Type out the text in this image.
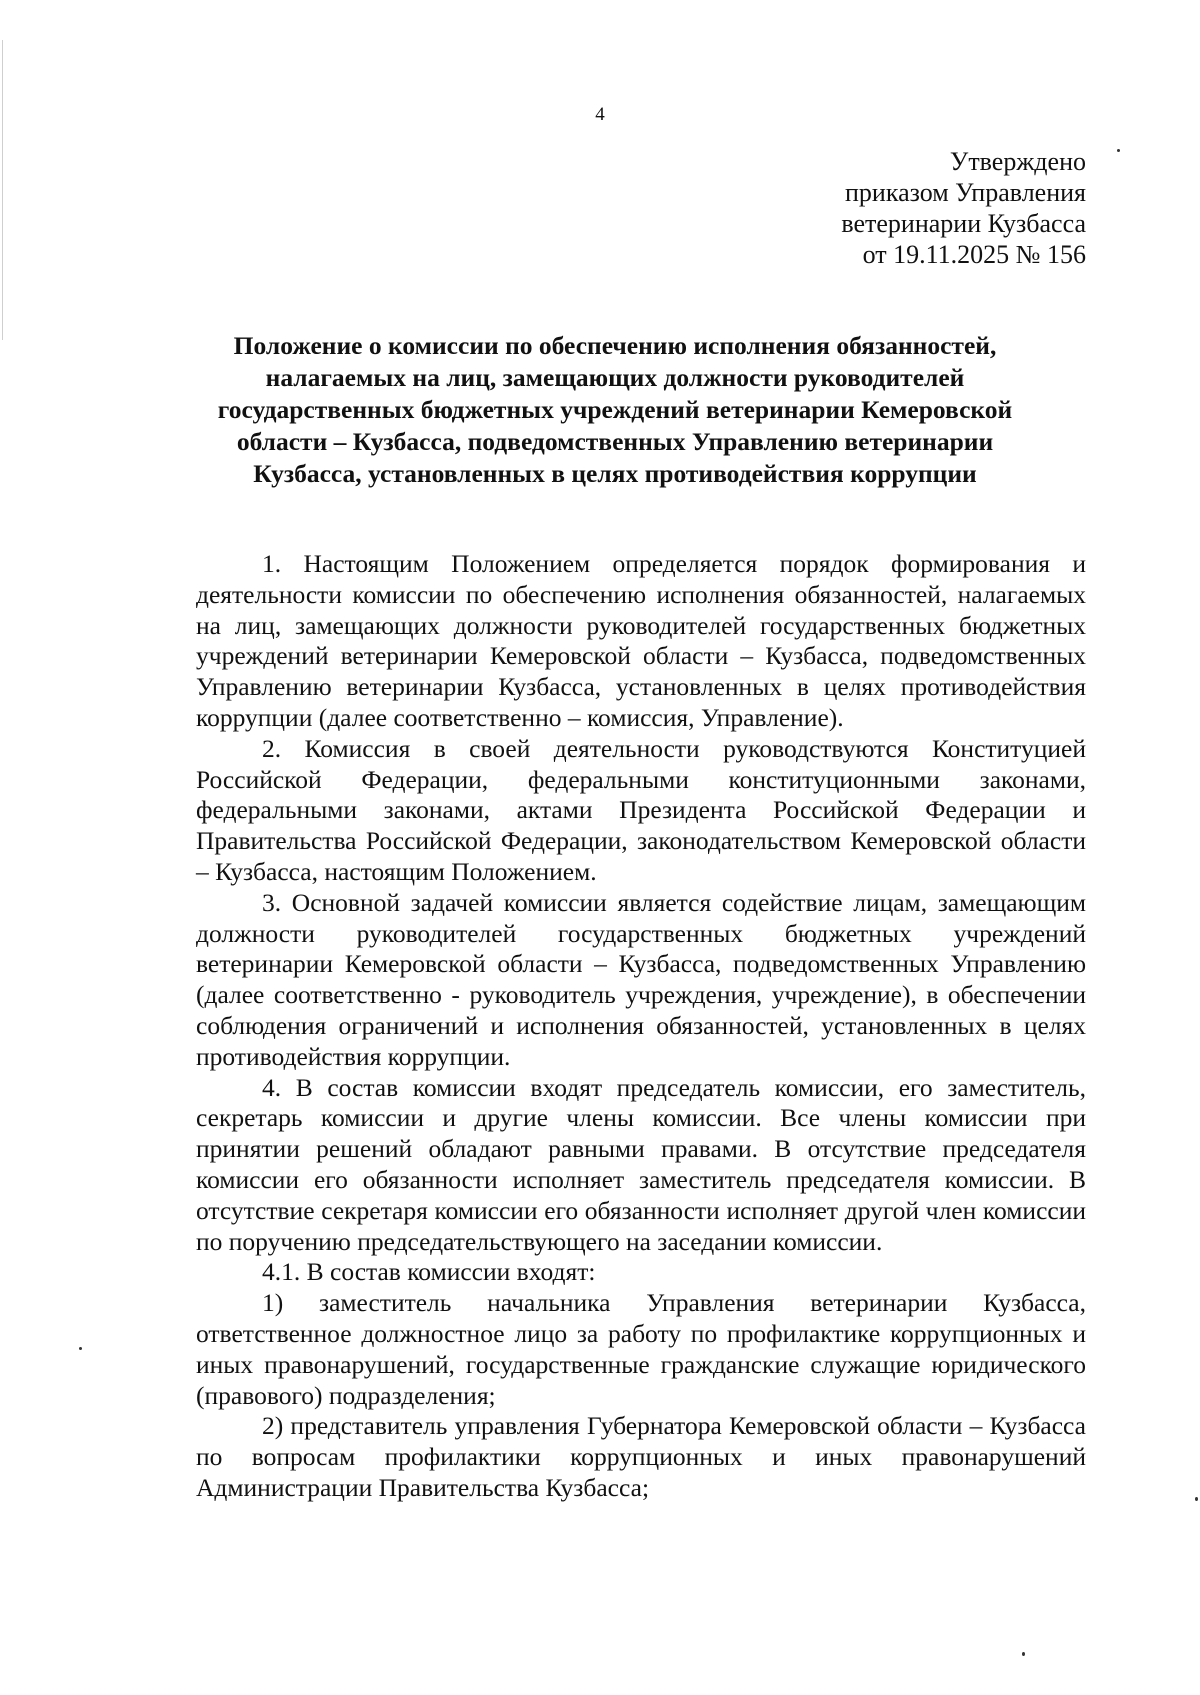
4
Утверждено
приказом Управления
ветеринарии Кузбасса
от 19.11.2025 № 156
Положение о комиссии по обеспечению исполнения обязанностей,
налагаемых на лиц, замещающих должности руководителей
государственных бюджетных учреждений ветеринарии Кемеровской
области – Кузбасса, подведомственных Управлению ветеринарии
Кузбасса, установленных в целях противодействия коррупции

1. Настоящим Положением определяется порядок формирования и деятельности комиссии по обеспечению исполнения обязанностей, налагаемых на лиц, замещающих должности руководителей государственных бюджетных учреждений ветеринарии Кемеровской области – Кузбасса, подведомственных Управлению ветеринарии Кузбасса, установленных в целях противодействия коррупции (далее соответственно – комиссия, Управление).

2. Комиссия в своей деятельности руководствуются Конституцией Российской Федерации, федеральными конституционными законами, федеральными законами, актами Президента Российской Федерации и Правительства Российской Федерации, законодательством Кемеровской области – Кузбасса, настоящим Положением.

3. Основной задачей комиссии является содействие лицам, замещающим должности руководителей государственных бюджетных учреждений ветеринарии Кемеровской области – Кузбасса, подведомственных Управлению (далее соответственно - руководитель учреждения, учреждение), в обеспечении соблюдения ограничений и исполнения обязанностей, установленных в целях противодействия коррупции.

4. В состав комиссии входят председатель комиссии, его заместитель, секретарь комиссии и другие члены комиссии. Все члены комиссии при принятии решений обладают равными правами. В отсутствие председателя комиссии его обязанности исполняет заместитель председателя комиссии. В отсутствие секретаря комиссии его обязанности исполняет другой член комиссии по поручению председательствующего на заседании комиссии.

4.1. В состав комиссии входят:

1) заместитель начальника Управления ветеринарии Кузбасса, ответственное должностное лицо за работу по профилактике коррупционных и иных правонарушений, государственные гражданские служащие юридического (правового) подразделения;

2) представитель управления Губернатора Кемеровской области – Кузбасса по вопросам профилактики коррупционных и иных правонарушений Администрации Правительства Кузбасса;
